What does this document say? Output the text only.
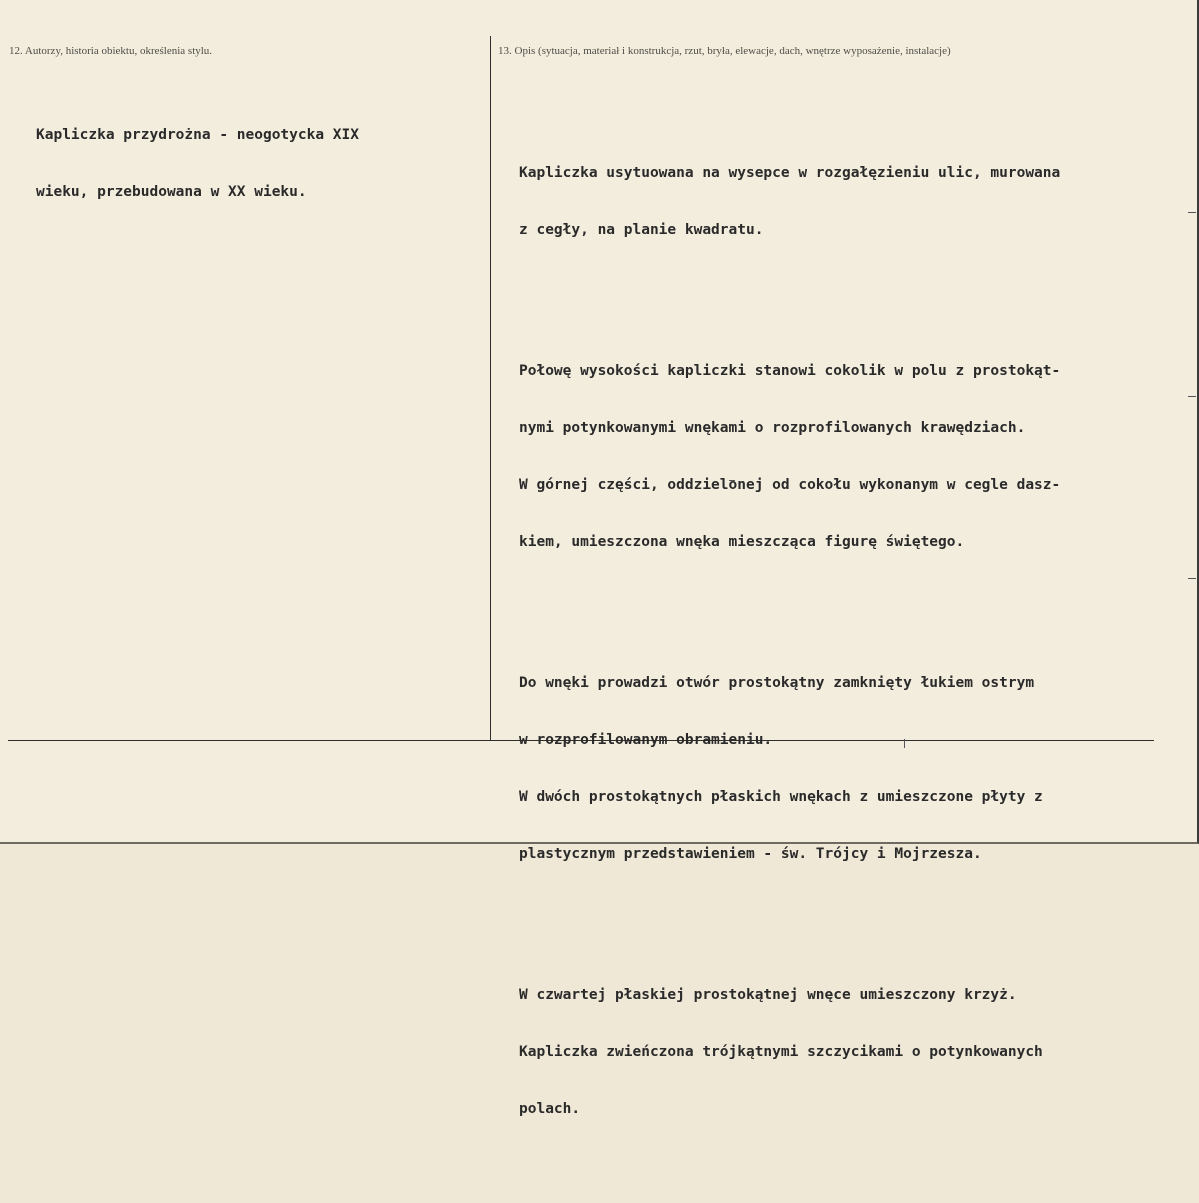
12. Autorzy, historia obiektu, określenia stylu.	13. Opis (sytuacja, materiał i konstrukcja, rzut, bryła, elewacje, dach, wnętrze wyposażenie, instalacje)

Kapliczka przydrożna - neogotycka XIX

wieku, przebudowana w XX wieku.

Kapliczka usytuowana na wysepce w rozgałęzieniu ulic, murowana

z cegły, na planie kwadratu.

Połowę wysokości kapliczki stanowi cokolik w polu z prostokąt-

nymi potynkowanymi wnękami o rozprofilowanych krawędziach.

W górnej części, oddzielonej od cokołu wykonanym w cegle dasz-

kiem, umieszczona wnęka mieszcząca figurę świętego.

Do wnęki prowadzi otwór prostokątny zamknięty łukiem ostrym

w rozprofilowanym obramieniu.

W dwóch prostokątnych płaskich wnękach z umieszczone płyty z

plastycznym przedstawieniem - św. Trójcy i Mojrzesza.

W czwartej płaskiej prostokątnej wnęce umieszczony krzyż.

Kapliczka zwieńczona trójkątnymi szczycikami o potynkowanych

polach.
